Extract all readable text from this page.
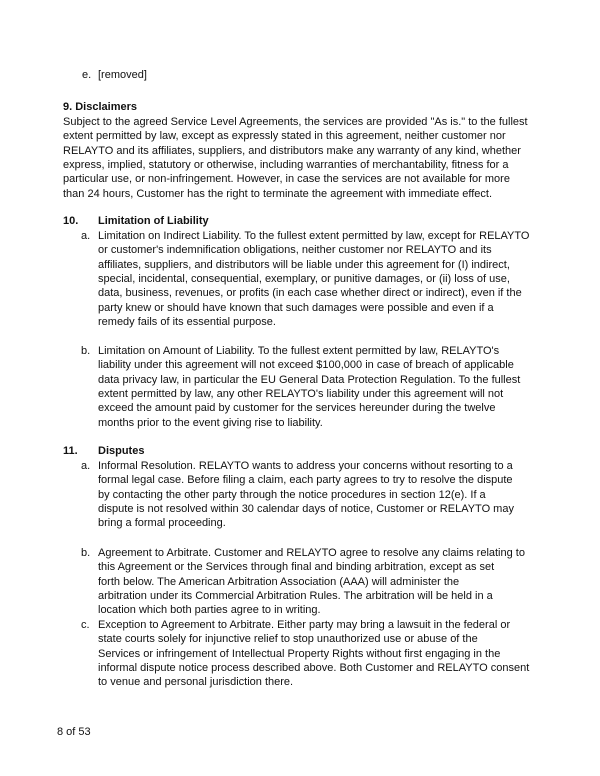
e. [removed]
9. Disclaimers
Subject to the agreed Service Level Agreements, the services are provided "As is." to the fullest
extent permitted by law, except as expressly stated in this agreement, neither customer nor
RELAYTO and its affiliates, suppliers, and distributors make any warranty of any kind, whether
express, implied, statutory or otherwise, including warranties of merchantability, fitness for a
particular use, or non-infringement. However, in case the services are not available for more
than 24 hours, Customer has the right to terminate the agreement with immediate effect.
10. Limitation of Liability
a. Limitation on Indirect Liability. To the fullest extent permitted by law, except for RELAYTO
or customer's indemnification obligations, neither customer nor RELAYTO and its
affiliates, suppliers, and distributors will be liable under this agreement for (I) indirect,
special, incidental, consequential, exemplary, or punitive damages, or (ii) loss of use,
data, business, revenues, or profits (in each case whether direct or indirect), even if the
party knew or should have known that such damages were possible and even if a
remedy fails of its essential purpose.
b. Limitation on Amount of Liability. To the fullest extent permitted by law, RELAYTO's
liability under this agreement will not exceed $100,000 in case of breach of applicable
data privacy law, in particular the EU General Data Protection Regulation. To the fullest
extent permitted by law, any other RELAYTO's liability under this agreement will not
exceed the amount paid by customer for the services hereunder during the twelve
months prior to the event giving rise to liability.
11. Disputes
a. Informal Resolution. RELAYTO wants to address your concerns without resorting to a
formal legal case. Before filing a claim, each party agrees to try to resolve the dispute
by contacting the other party through the notice procedures in section 12(e). If a
dispute is not resolved within 30 calendar days of notice, Customer or RELAYTO may
bring a formal proceeding.
b. Agreement to Arbitrate. Customer and RELAYTO agree to resolve any claims relating to
this Agreement or the Services through final and binding arbitration, except as set
forth below. The American Arbitration Association (AAA) will administer the
arbitration under its Commercial Arbitration Rules. The arbitration will be held in a
location which both parties agree to in writing.
c. Exception to Agreement to Arbitrate. Either party may bring a lawsuit in the federal or
state courts solely for injunctive relief to stop unauthorized use or abuse of the
Services or infringement of Intellectual Property Rights without first engaging in the
informal dispute notice process described above. Both Customer and RELAYTO consent
to venue and personal jurisdiction there.
8 of 53
